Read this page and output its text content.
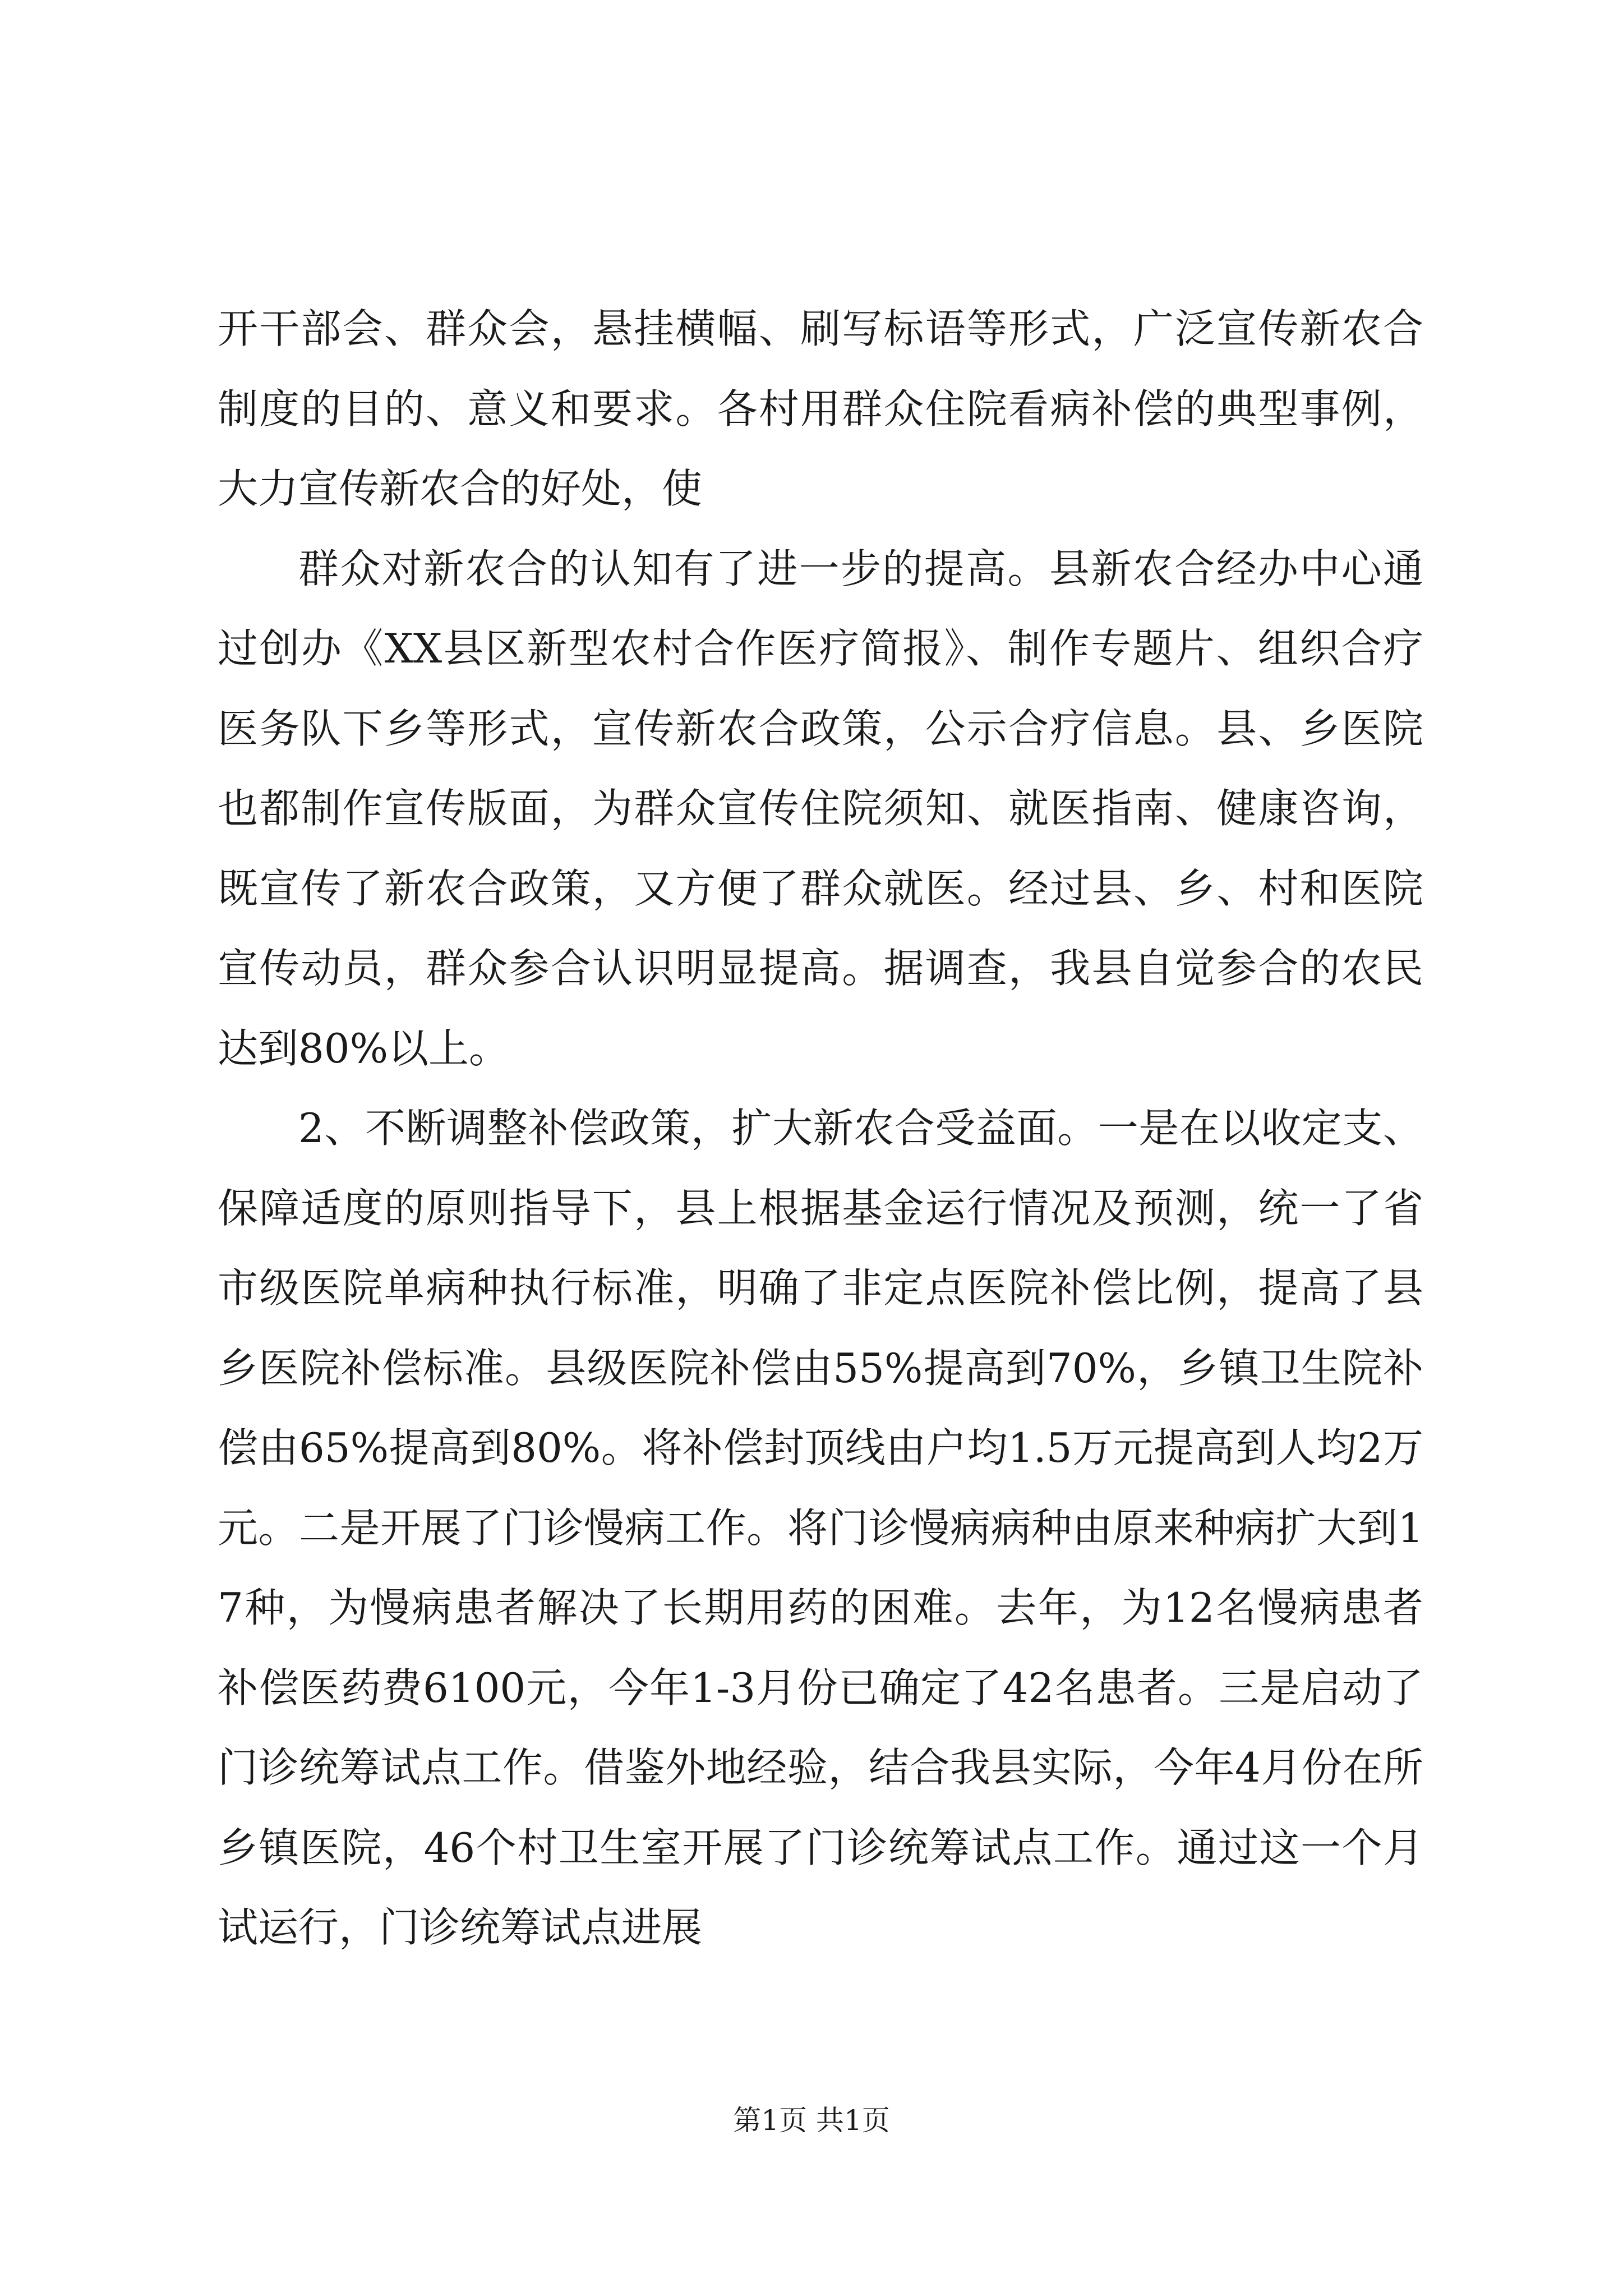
开干部会、群众会，悬挂横幅、刷写标语等形式，广泛宣传新农合制度的目的、意义和要求。各村用群众住院看病补偿的典型事例，大力宣传新农合的好处，使

群众对新农合的认知有了进一步的提高。县新农合经办中心通过创办《XX县区新型农村合作医疗简报》、制作专题片、组织合疗医务队下乡等形式，宣传新农合政策，公示合疗信息。县、乡医院也都制作宣传版面，为群众宣传住院须知、就医指南、健康咨询，既宣传了新农合政策，又方便了群众就医。经过县、乡、村和医院宣传动员，群众参合认识明显提高。据调查，我县自觉参合的农民达到80%以上。

2、不断调整补偿政策，扩大新农合受益面。一是在以收定支、保障适度的原则指导下，县上根据基金运行情况及预测，统一了省市级医院单病种执行标准，明确了非定点医院补偿比例，提高了县乡医院补偿标准。县级医院补偿由55%提高到70%，乡镇卫生院补偿由65%提高到80%。将补偿封顶线由户均1.5万元提高到人均2万元。二是开展了门诊慢病工作。将门诊慢病病种由原来种病扩大到17种，为慢病患者解决了长期用药的困难。去年，为12名慢病患者补偿医药费6100元，今年1-3月份已确定了42名患者。三是启动了门诊统筹试点工作。借鉴外地经验，结合我县实际，今年4月份在所乡镇医院，46个村卫生室开展了门诊统筹试点工作。通过这一个月试运行，门诊统筹试点进展

第1页 共1页
